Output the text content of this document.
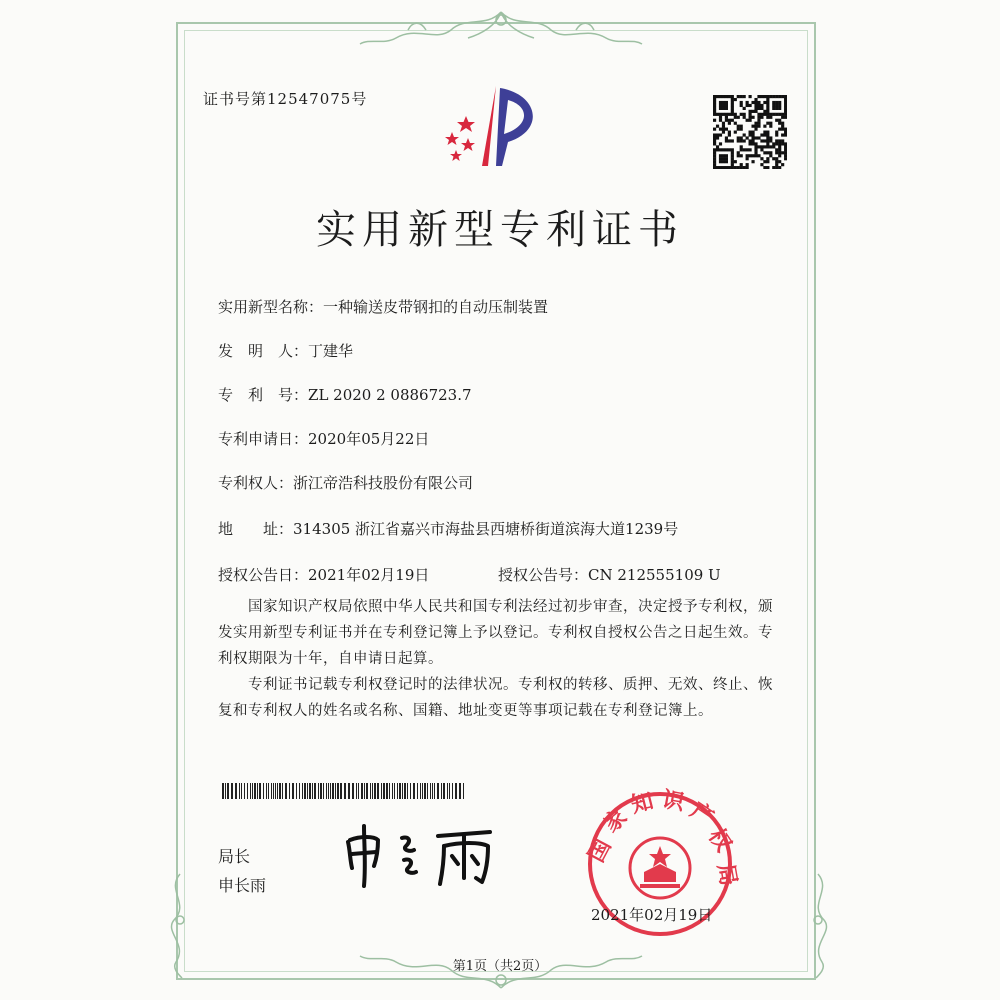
证书号第12547075号
实用新型专利证书
实用新型名称：一种输送皮带钢扣的自动压制装置
发　明　人：丁建华
专　利　号：ZL 2020 2 0886723.7
专利申请日：2020年05月22日
专利权人：浙江帝浩科技股份有限公司
地　　址：314305 浙江省嘉兴市海盐县西塘桥街道滨海大道1239号
授权公告日：2021年02月19日	授权公告号：CN 212555109 U

国家知识产权局依照中华人民共和国专利法经过初步审查，决定授予专利权，颁发实用新型专利证书并在专利登记簿上予以登记。专利权自授权公告之日起生效。专利权期限为十年，自申请日起算。

专利证书记载专利权登记时的法律状况。专利权的转移、质押、无效、终止、恢复和专利权人的姓名或名称、国籍、地址变更等事项记载在专利登记簿上。

局长
申长雨
国
家
知 识 产
权
局
2021年02月19日
第1页（共2页）
